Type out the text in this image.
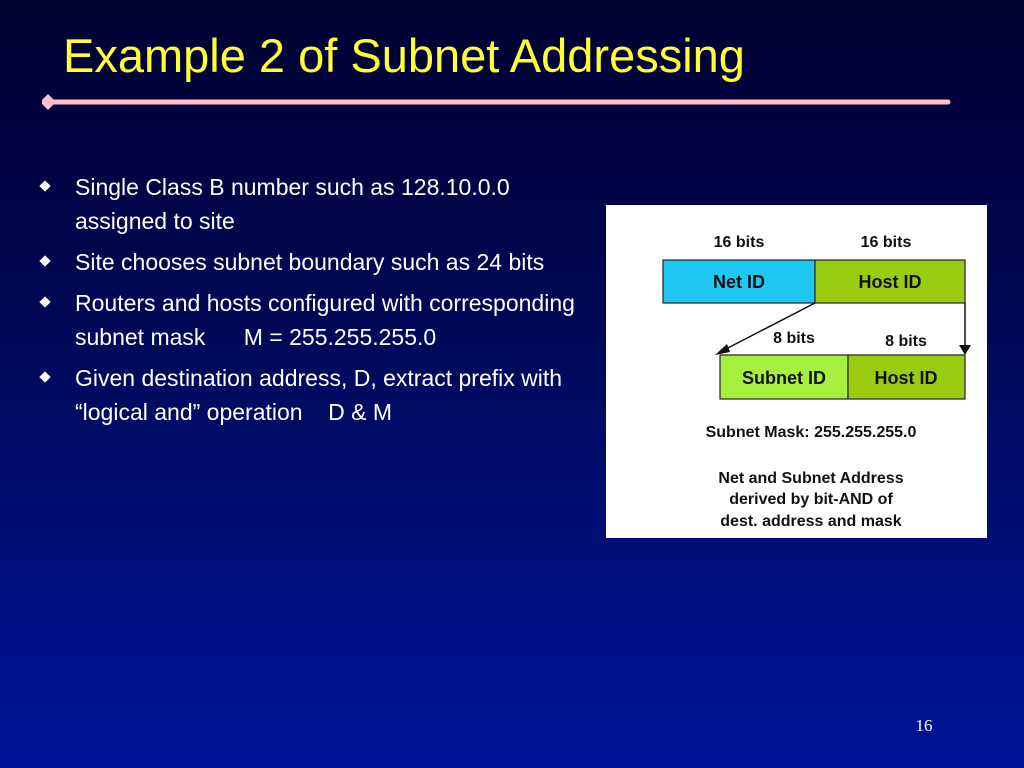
Example 2 of Subnet Addressing
Single Class B number such as 128.10.0.0 assigned to site
Site chooses subnet boundary such as 24 bits
Routers and hosts configured with corresponding subnet mask      M = 255.255.255.0
Given destination address, D, extract prefix with “logical and” operation    D & M
16 bits	16 bits
Net ID	Host ID
8 bits	8 bits
Subnet ID	Host ID
Subnet Mask: 255.255.255.0
Net and Subnet Address
derived by bit-AND of
dest. address and mask
16
